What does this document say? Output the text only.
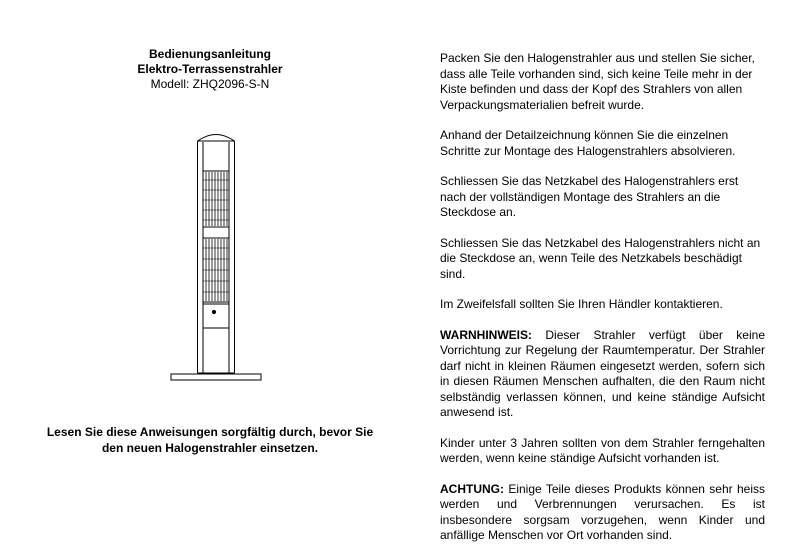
Bedienungsanleitung
Elektro-Terrassenstrahler
Modell: ZHQ2096-S-N
Lesen Sie diese Anweisungen sorgfältig durch, bevor Sie
den neuen Halogenstrahler einsetzen.

Packen Sie den Halogenstrahler aus und stellen Sie sicher, dass alle Teile vorhanden sind, sich keine Teile mehr in der Kiste befinden und dass der Kopf des Strahlers von allen Verpackungsmaterialien befreit wurde.

Anhand der Detailzeichnung können Sie die einzelnen Schritte zur Montage des Halogenstrahlers absolvieren.

Schliessen Sie das Netzkabel des Halogenstrahlers erst nach der vollständigen Montage des Strahlers an die Steckdose an.

Schliessen Sie das Netzkabel des Halogenstrahlers nicht an die Steckdose an, wenn Teile des Netzkabels beschädigt sind.

Im Zweifelsfall sollten Sie Ihren Händler kontaktieren.

WARNHINWEIS: Dieser Strahler verfügt über keine Vorrichtung zur Regelung der Raumtemperatur. Der Strahler darf nicht in kleinen Räumen eingesetzt werden, sofern sich in diesen Räumen Menschen aufhalten, die den Raum nicht selbständig verlassen können, und keine ständige Aufsicht anwesend ist.

Kinder unter 3 Jahren sollten von dem Strahler ferngehalten werden, wenn keine ständige Aufsicht vorhanden ist.

ACHTUNG: Einige Teile dieses Produkts können sehr heiss werden und Verbrennungen verursachen. Es ist insbesondere sorgsam vorzugehen, wenn Kinder und anfällige Menschen vor Ort vorhanden sind.
